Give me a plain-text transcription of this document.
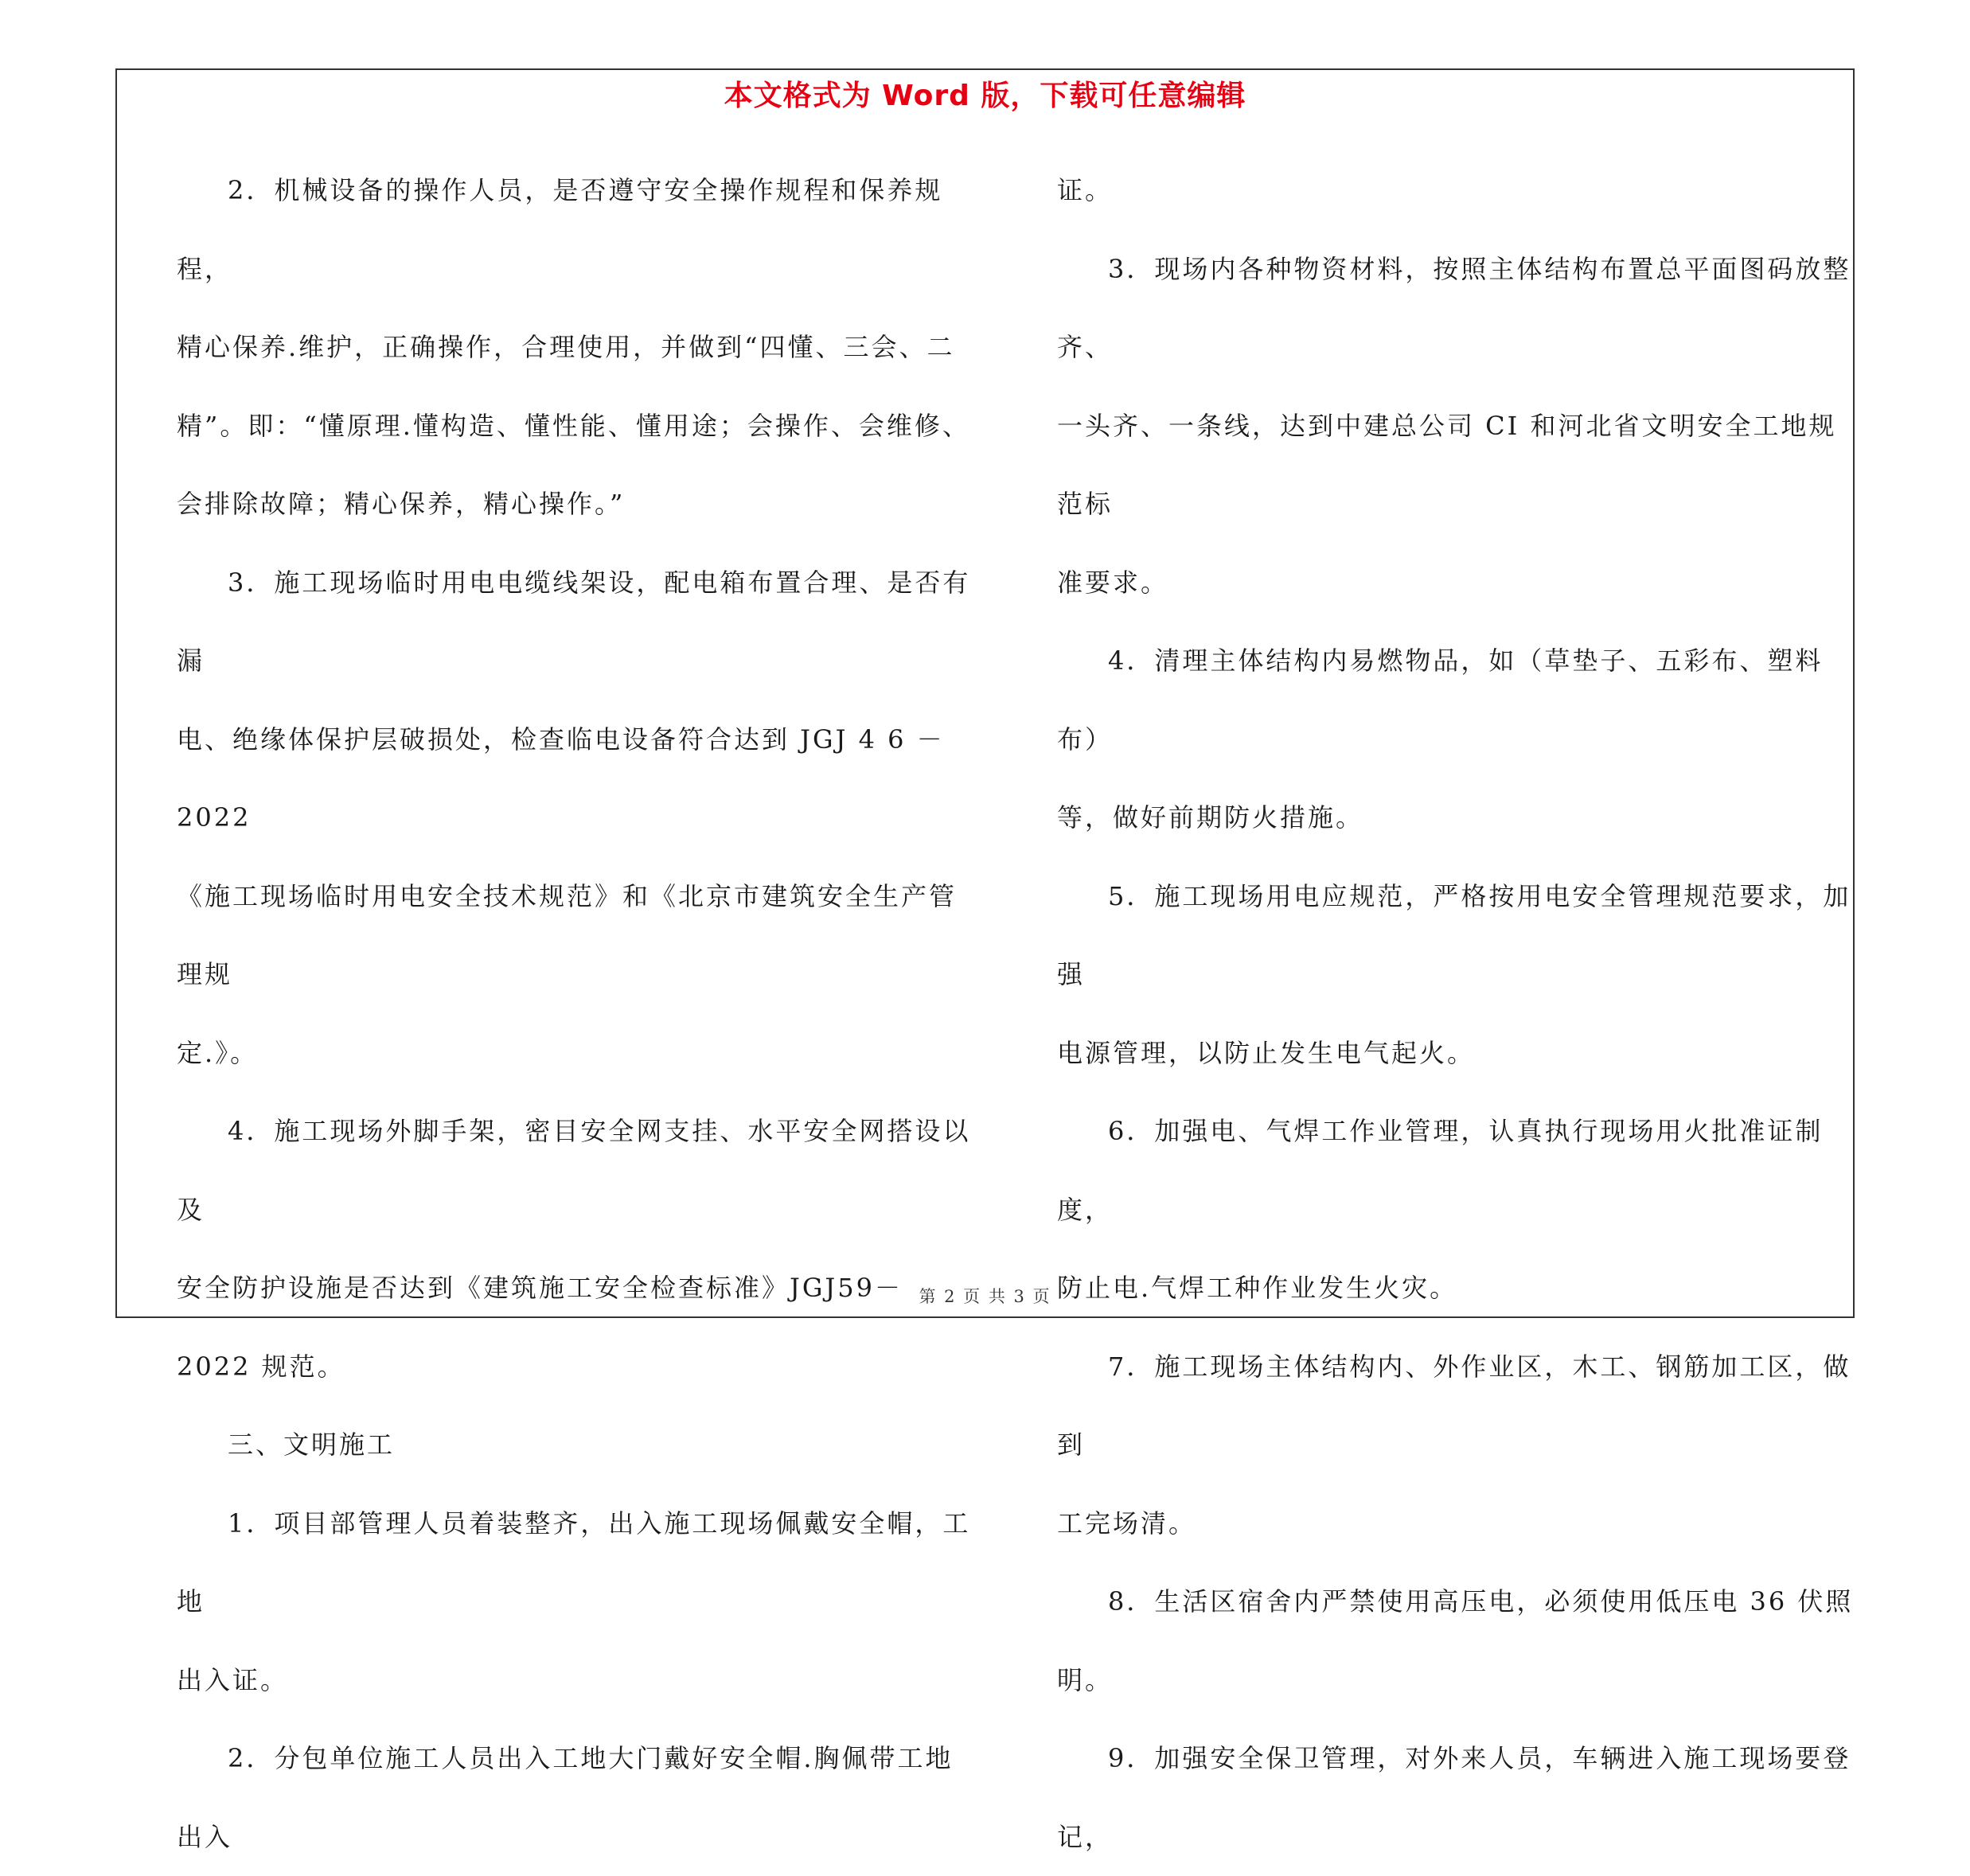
本文格式为 Word 版，下载可任意编辑

2．机械设备的操作人员，是否遵守安全操作规程和保养规程，

精心保养.维护，正确操作，合理使用，并做到“四懂、三会、二

精”。即：“懂原理.懂构造、懂性能、懂用途；会操作、会维修、

会排除故障；精心保养，精心操作。”

3．施工现场临时用电电缆线架设，配电箱布置合理、是否有漏

电、绝缘体保护层破损处，检查临电设备符合达到 JGJ 4 6 －2022

《施工现场临时用电安全技术规范》和《北京市建筑安全生产管理规

定.》。

4．施工现场外脚手架，密目安全网支挂、水平安全网搭设以及

安全防护设施是否达到《建筑施工安全检查标准》JGJ59－2022 规范。

三、文明施工

1．项目部管理人员着装整齐，出入施工现场佩戴安全帽，工地

出入证。

2．分包单位施工人员出入工地大门戴好安全帽.胸佩带工地出入

证。

3．现场内各种物资材料，按照主体结构布置总平面图码放整齐、

一头齐、一条线，达到中建总公司 CI 和河北省文明安全工地规范标

准要求。

4．清理主体结构内易燃物品，如（草垫子、五彩布、塑料布）

等，做好前期防火措施。

5．施工现场用电应规范，严格按用电安全管理规范要求，加强

电源管理，以防止发生电气起火。

6．加强电、气焊工作业管理，认真执行现场用火批准证制度，

防止电.气焊工种作业发生火灾。

7．施工现场主体结构内、外作业区，木工、钢筋加工区，做到

工完场清。

8．生活区宿舍内严禁使用高压电，必须使用低压电 36 伏照明。

9．加强安全保卫管理，对外来人员，车辆进入施工现场要登记，

第 2 页 共 3 页
